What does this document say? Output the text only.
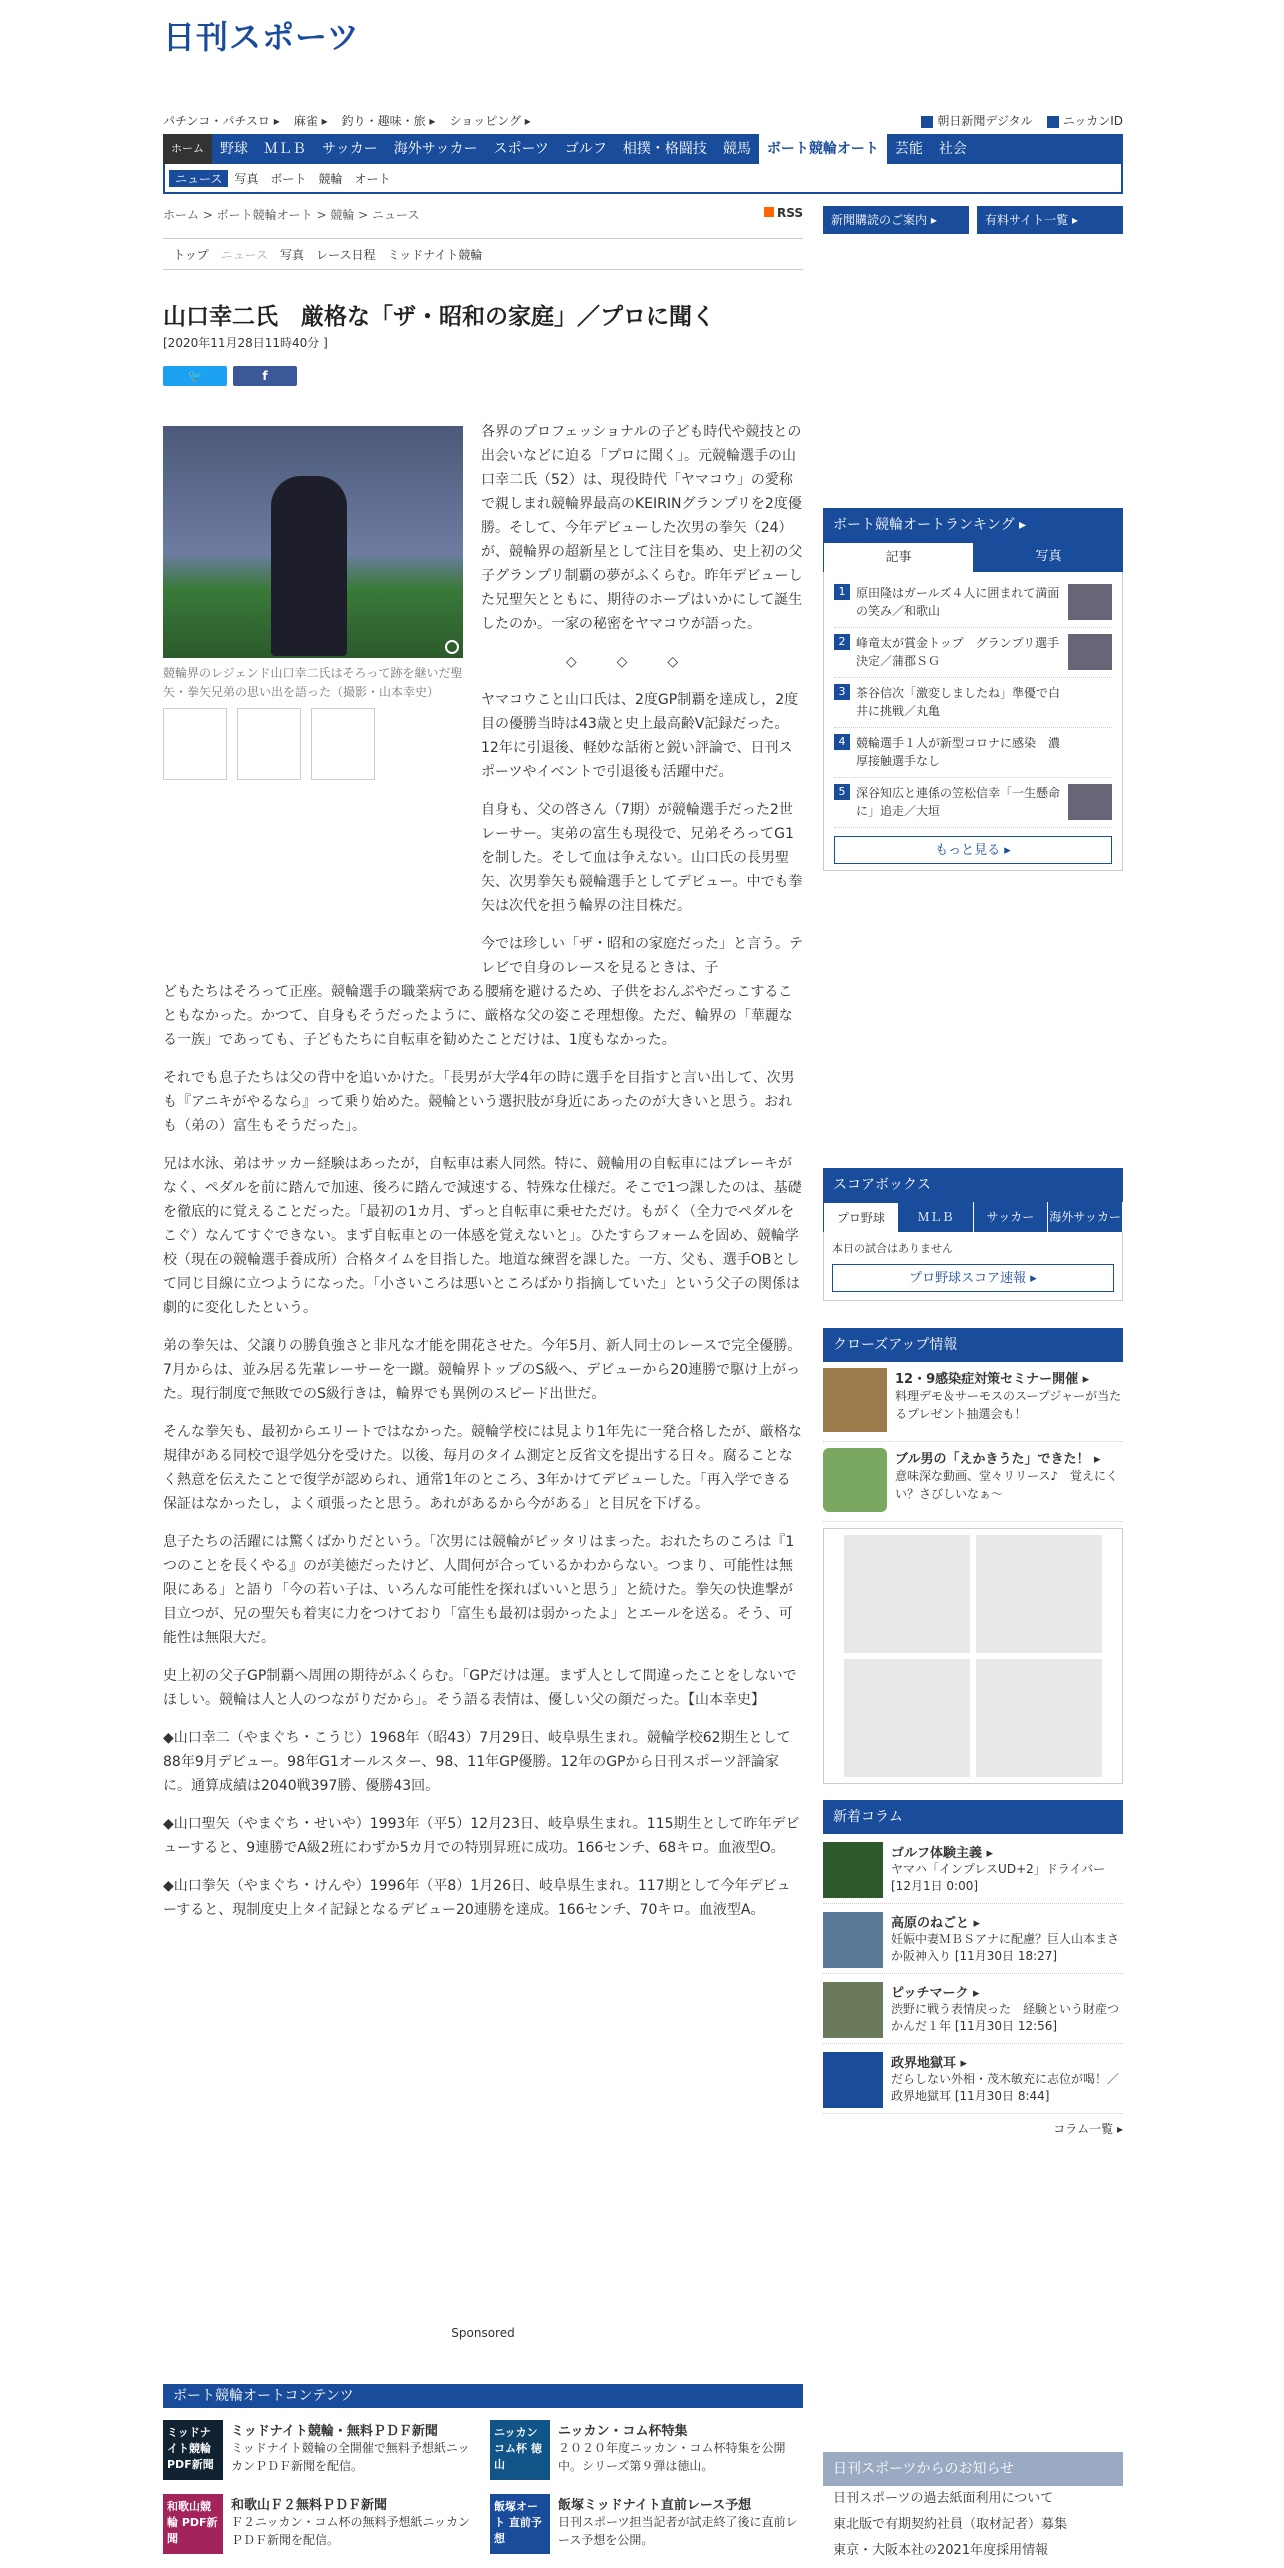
日刊スポーツ
パチンコ・パチスロ ▸ 麻雀 ▸ 釣り・趣味・旅 ▸ ショッピング ▸	朝日新聞デジタル	ニッカンID
ホーム	野球	ＭＬＢ	サッカー	海外サッカー	スポーツ	ゴルフ	相撲・格闘技	競馬	ボート競輪オート	芸能	社会
ニュース	写真	ボート	競輪	オート
ホーム > ボート競輪オート > 競輪 > ニュース	RSS
トップ ニュース 写真 レース日程 ミッドナイト競輪
山口幸二氏　厳格な「ザ・昭和の家庭」／プロに聞く
[2020年11月28日11時40分 ]
🐦	f
競輪界のレジェンド山口幸二氏はそろって跡を継いだ聖矢・拳矢兄弟の思い出を語った（撮影・山本幸史）

各界のプロフェッショナルの子ども時代や競技との出会いなどに迫る「プロに聞く」。元競輪選手の山口幸二氏（52）は、現役時代「ヤマコウ」の愛称で親しまれ競輪界最高のKEIRINグランプリを2度優勝。そして、今年デビューした次男の拳矢（24）が、競輪界の超新星として注目を集め、史上初の父子グランプリ制覇の夢がふくらむ。昨年デビューした兄聖矢とともに、期待のホープはいかにして誕生したのか。一家の秘密をヤマコウが語った。

◇◇◇

ヤマコウこと山口氏は、2度GP制覇を達成し，2度目の優勝当時は43歳と史上最高齢V記録だった。12年に引退後、軽妙な話術と鋭い評論で、日刊スポーツやイベントで引退後も活躍中だ。

自身も、父の啓さん（7期）が競輪選手だった2世レーサー。実弟の富生も現役で、兄弟そろってG1を制した。そして血は争えない。山口氏の長男聖矢、次男拳矢も競輪選手としてデビュー。中でも拳矢は次代を担う輪界の注目株だ。

今では珍しい「ザ・昭和の家庭だった」と言う。テレビで自身のレースを見るときは、子

どもたちはそろって正座。競輪選手の職業病である腰痛を避けるため、子供をおんぶやだっこすることもなかった。かつて、自身もそうだったように、厳格な父の姿こそ理想像。ただ、輪界の「華麗なる一族」であっても、子どもたちに自転車を勧めたことだけは、1度もなかった。

それでも息子たちは父の背中を追いかけた。「長男が大学4年の時に選手を目指すと言い出して、次男も『アニキがやるなら』って乗り始めた。競輪という選択肢が身近にあったのが大きいと思う。おれも（弟の）富生もそうだった」。

兄は水泳、弟はサッカー経験はあったが，自転車は素人同然。特に、競輪用の自転車にはブレーキがなく、ペダルを前に踏んで加速、後ろに踏んで減速する、特殊な仕様だ。そこで1つ課したのは、基礎を徹底的に覚えることだった。「最初の1カ月、ずっと自転車に乗せただけ。もがく（全力でペダルをこぐ）なんてすぐできない。まず自転車との一体感を覚えないと」。ひたすらフォームを固め、競輪学校（現在の競輪選手養成所）合格タイムを目指した。地道な練習を課した。一方、父も、選手OBとして同じ目線に立つようになった。「小さいころは悪いところばかり指摘していた」という父子の関係は劇的に変化したという。

弟の拳矢は、父譲りの勝負強さと非凡な才能を開花させた。今年5月、新人同士のレースで完全優勝。7月からは、並み居る先輩レーサーを一蹴。競輪界トップのS級へ、デビューから20連勝で駆け上がった。現行制度で無敗でのS級行きは，輪界でも異例のスピード出世だ。

そんな拳矢も、最初からエリートではなかった。競輪学校には見より1年先に一発合格したが、厳格な規律がある同校で退学処分を受けた。以後、毎月のタイム測定と反省文を提出する日々。腐ることなく熱意を伝えたことで復学が認められ、通常1年のところ、3年かけてデビューした。「再入学できる保証はなかったし，よく頑張ったと思う。あれがあるから今がある」と目尻を下げる。

息子たちの活躍には驚くばかりだという。「次男には競輪がピッタリはまった。おれたちのころは『1つのことを長くやる』のが美徳だったけど、人間何が合っているかわからない。つまり、可能性は無限にある」と語り「今の若い子は、いろんな可能性を探ればいいと思う」と続けた。拳矢の快進撃が目立つが、兄の聖矢も着実に力をつけており「富生も最初は弱かったよ」とエールを送る。そう、可能性は無限大だ。

史上初の父子GP制覇へ周囲の期待がふくらむ。「GPだけは運。まず人として間違ったことをしないでほしい。競輪は人と人のつながりだから」。そう語る表情は、優しい父の顔だった。【山本幸史】

◆山口幸二（やまぐち・こうじ）1968年（昭43）7月29日、岐阜県生まれ。競輪学校62期生として88年9月デビュー。98年G1オールスター、98、11年GP優勝。12年のGPから日刊スポーツ評論家に。通算成績は2040戦397勝、優勝43回。

◆山口聖矢（やまぐち・せいや）1993年（平5）12月23日、岐阜県生まれ。115期生として昨年デビューすると、9連勝でA級2班にわずか5カ月での特別昇班に成功。166センチ、68キロ。血液型O。

◆山口拳矢（やまぐち・けんや）1996年（平8）1月26日、岐阜県生まれ。117期として今年デビューすると、現制度史上タイ記録となるデビュー20連勝を達成。166センチ、70キロ。血液型A。

Sponsored
ボート競輪オートコンテンツ
ミッドナイト競輪 PDF新聞
ミッドナイト競輪・無料ＰＤＦ新聞
ミッドナイト競輪の全開催で無料予想紙ニッカンＰＤＦ新聞を配信。
ニッカンコム杯 徳山
ニッカン・コム杯特集
２０２０年度ニッカン・コム杯特集を公開中。シリーズ第９弾は徳山。
和歌山競輪 PDF新聞
和歌山Ｆ２無料ＰＤＦ新聞
Ｆ２ニッカン・コム杯の無料予想紙ニッカンＰＤＦ新聞を配信。
飯塚オート 直前予想
飯塚ミッドナイト直前レース予想
日刊スポーツ担当記者が試走終了後に直前レース予想を公開。
新聞購読のご案内 ▸	有料サイト一覧 ▸
ボート競輪オートランキング ▸
記事	写真
1 原田隆はガールズ４人に囲まれて満面の笑み／和歌山
2 峰竜太が賞金トップ　グランプリ選手決定／蒲郡ＳＧ
3 茶谷信次「激変しましたね」準優で白井に挑戦／丸亀
4 競輪選手１人が新型コロナに感染　濃厚接触選手なし
5 深谷知広と連係の笠松信幸「一生懸命に」追走／大垣
もっと見る ▸
スコアボックス
プロ野球	ＭＬＢ	サッカー	海外サッカー
本日の試合はありません
プロ野球スコア速報 ▸
クローズアップ情報
12・9感染症対策セミナー開催 ▸
料理デモ＆サーモスのスープジャーが当たるプレゼント抽選会も！
ブル男の「えかきうた」できた！ ▸
意味深な動画、堂々リリース♪　覚えにくい？さびしいなぁ～
新着コラム
ゴルフ体験主義 ▸
ヤマハ「インプレスUD+2」ドライバー [12月1日 0:00]
高原のねごと ▸
妊娠中妻ＭＢＳアナに配慮？巨人山本まさか阪神入り [11月30日 18:27]
ピッチマーク ▸
渋野に戦う表情戻った　経験という財産つかんだ１年 [11月30日 12:56]
政界地獄耳 ▸
だらしない外相・茂木敏充に志位が喝！／政界地獄耳 [11月30日 8:44]
コラム一覧 ▸
日刊スポーツからのお知らせ
日刊スポーツの過去紙面利用について
東北版で有期契約社員（取材記者）募集
東京・大阪本社の2021年度採用情報
